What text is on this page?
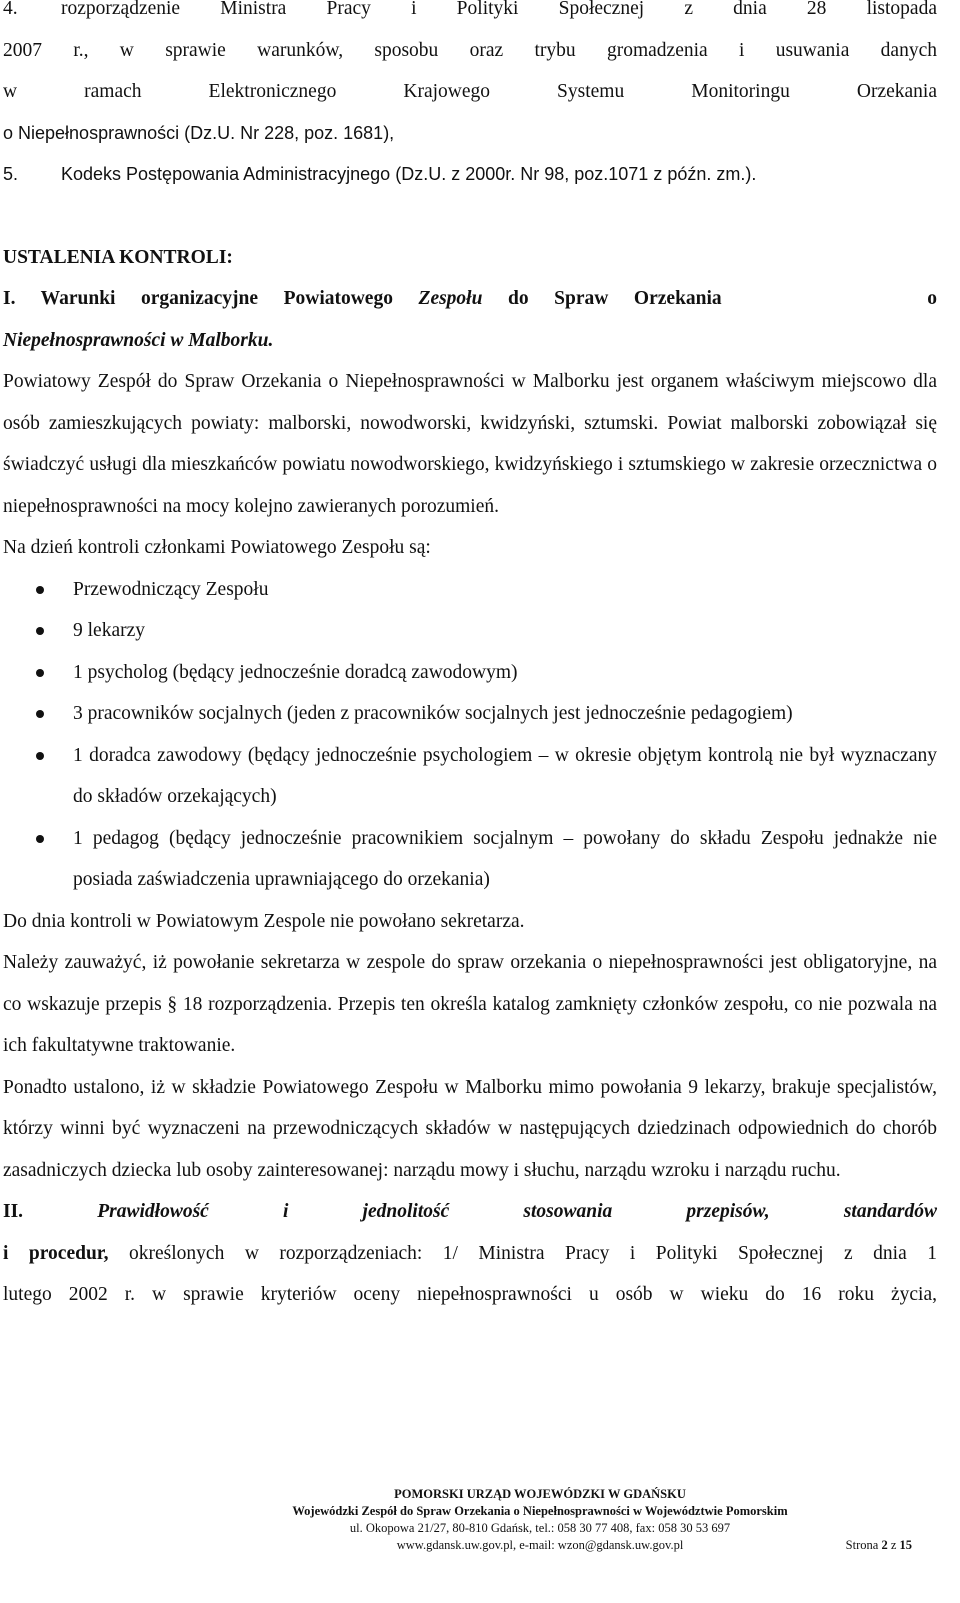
4.	rozporządzenie Ministra Pracy i Polityki Społecznej z dnia 28 listopada
2007 r., w sprawie warunków, sposobu oraz trybu gromadzenia i usuwania danych
w ramach Elektronicznego Krajowego Systemu Monitoringu Orzekania
o Niepełnosprawności (Dz.U. Nr 228, poz. 1681),
5.	Kodeks Postępowania Administracyjnego (Dz.U. z 2000r. Nr 98, poz.1071 z późn. zm.).
USTALENIA KONTROLI:
I. Warunki organizacyjne Powiatowego Zespołu do Spraw Orzekania	o
Niepełnosprawności w Malborku.
Powiatowy Zespół do Spraw Orzekania o Niepełnosprawności w Malborku jest organem właściwym miejscowo dla osób zamieszkujących powiaty: malborski, nowodworski, kwidzyński, sztumski. Powiat malborski zobowiązał się świadczyć usługi dla mieszkańców powiatu nowodworskiego, kwidzyńskiego i sztumskiego w zakresie orzecznictwa o niepełnosprawności na mocy kolejno zawieranych porozumień.
Na dzień kontroli członkami Powiatowego Zespołu są:
Przewodniczący Zespołu
9 lekarzy
1 psycholog (będący jednocześnie doradcą zawodowym)
3 pracowników socjalnych (jeden z pracowników socjalnych jest jednocześnie pedagogiem)
1 doradca zawodowy (będący jednocześnie psychologiem – w okresie objętym kontrolą nie był wyznaczany do składów orzekających)
1 pedagog (będący jednocześnie pracownikiem socjalnym – powołany do składu Zespołu jednakże nie posiada zaświadczenia uprawniającego do orzekania)
Do dnia kontroli w Powiatowym Zespole nie powołano sekretarza.
Należy zauważyć, iż powołanie sekretarza w zespole do spraw orzekania o niepełnosprawności jest obligatoryjne, na co wskazuje przepis § 18 rozporządzenia. Przepis ten określa katalog zamknięty członków zespołu, co nie pozwala na ich fakultatywne traktowanie.
Ponadto ustalono, iż w składzie Powiatowego Zespołu w Malborku mimo powołania 9 lekarzy, brakuje specjalistów, którzy winni być wyznaczeni na przewodniczących składów w następujących dziedzinach odpowiednich do chorób zasadniczych dziecka lub osoby zainteresowanej: narządu mowy i słuchu, narządu wzroku i narządu ruchu.
II.	Prawidłowość i jednolitość stosowania przepisów, standardów
i procedur, określonych w rozporządzeniach: 1/ Ministra Pracy i Polityki Społecznej z dnia 1
lutego 2002 r. w sprawie kryteriów oceny niepełnosprawności u osób w wieku do 16 roku życia,
POMORSKI URZĄD WOJEWÓDZKI W GDAŃSKU
Wojewódzki Zespół do Spraw Orzekania o Niepełnosprawności w Województwie Pomorskim
ul. Okopowa 21/27, 80-810 Gdańsk, tel.: 058 30 77 408, fax: 058 30 53 697
www.gdansk.uw.gov.pl, e-mail: wzon@gdansk.uw.gov.pl	Strona 2 z 15
